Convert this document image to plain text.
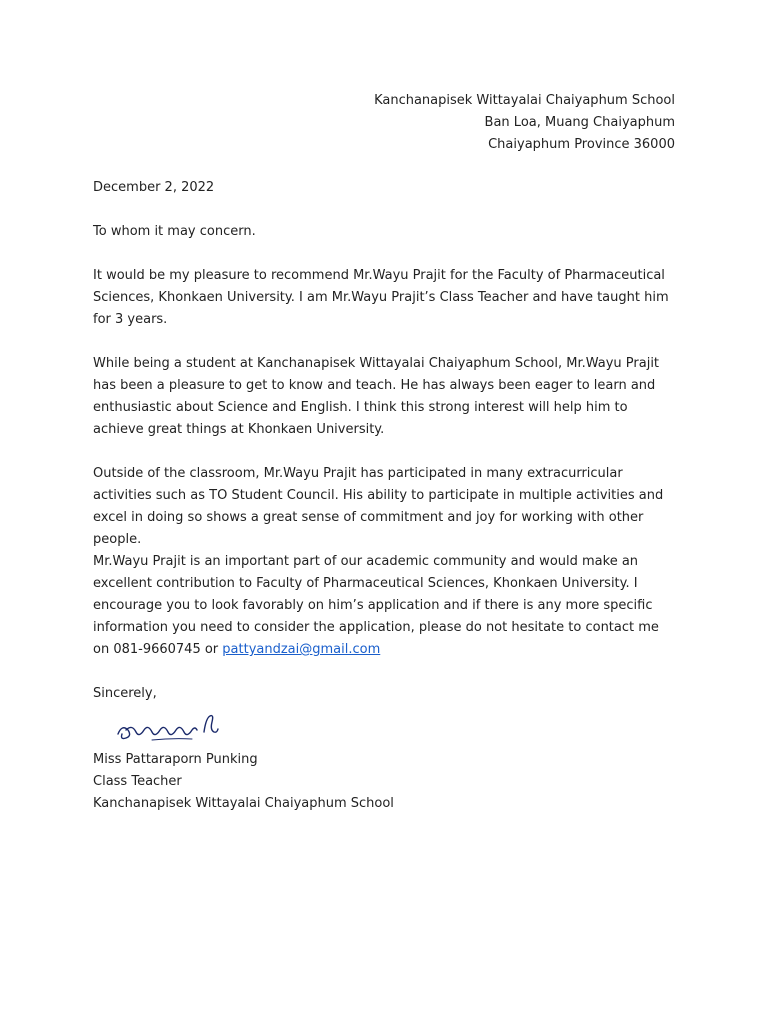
Kanchanapisek Wittayalai Chaiyaphum School
Ban Loa, Muang Chaiyaphum
Chaiyaphum Province 36000
December 2, 2022
To whom it may concern.
It would be my pleasure to recommend Mr.Wayu Prajit for the Faculty of Pharmaceutical Sciences, Khonkaen University. I am Mr.Wayu Prajit’s Class Teacher and have taught him for 3 years.
While being a student at Kanchanapisek Wittayalai Chaiyaphum School, Mr.Wayu Prajit has been a pleasure to get to know and teach. He has always been eager to learn and enthusiastic about Science and English. I think this strong interest will help him to achieve great things at Khonkaen University.
Outside of the classroom, Mr.Wayu Prajit has participated in many extracurricular activities such as TO Student Council. His ability to participate in multiple activities and excel in doing so shows a great sense of commitment and joy for working with other people.
Mr.Wayu Prajit is an important part of our academic community and would make an excellent contribution to Faculty of Pharmaceutical Sciences, Khonkaen University. I encourage you to look favorably on him’s application and if there is any more specific information you need to consider the application, please do not hesitate to contact me on 081-9660745 or pattyandzai@gmail.com
Sincerely,
Miss Pattaraporn Punking
Class Teacher
Kanchanapisek Wittayalai Chaiyaphum School
